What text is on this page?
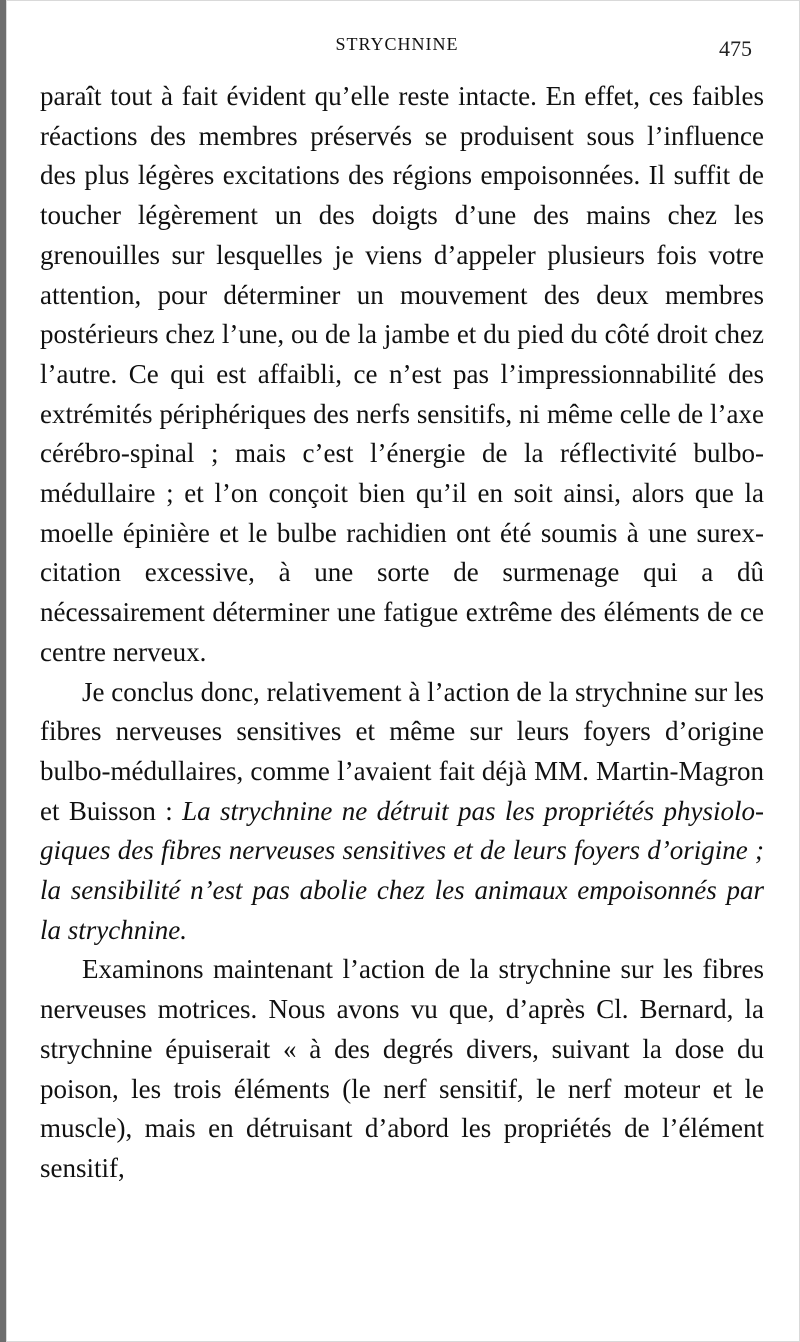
STRYCHNINE	475

paraît tout à fait évident qu’elle reste intacte. En effet, ces faibles réactions des membres préservés se produisent sous l’influence des plus légères excitations des régions empoisonnées. Il suffit de toucher légèrement un des doigts d’une des mains chez les grenouilles sur lesquelles je viens d’appeler plusieurs fois votre attention, pour déterminer un mouvement des deux membres postérieurs chez l’une, ou de la jambe et du pied du côté droit chez l’autre. Ce qui est affaibli, ce n’est pas l’impressionnabilité des extrémités périphériques des nerfs sensitifs, ni même celle de l’axe cérébro-spinal ; mais c’est l’énergie de la réflectivité bulbo-médullaire ; et l’on conçoit bien qu’il en soit ainsi, alors que la moelle épinière et le bulbe rachidien ont été soumis à une surexcitation excessive, à une sorte de surmenage qui a dû nécessairement déterminer une fatigue extrême des éléments de ce centre nerveux.

Je conclus donc, relativement à l’action de la strychnine sur les fibres nerveuses sensitives et même sur leurs foyers d’origine bulbo-médullaires, comme l’avaient fait déjà MM. Martin-Magron et Buisson : La strychnine ne détruit pas les propriétés physiologiques des fibres nerveuses sensitives et de leurs foyers d’origine ; la sensibilité n’est pas abolie chez les animaux empoisonnés par la strychnine.

Examinons maintenant l’action de la strychnine sur les fibres nerveuses motrices. Nous avons vu que, d’après Cl. Bernard, la strychnine épuiserait « à des degrés divers, suivant la dose du poison, les trois éléments (le nerf sensitif, le nerf moteur et le muscle), mais en détruisant d’abord les propriétés de l’élément sensitif,
